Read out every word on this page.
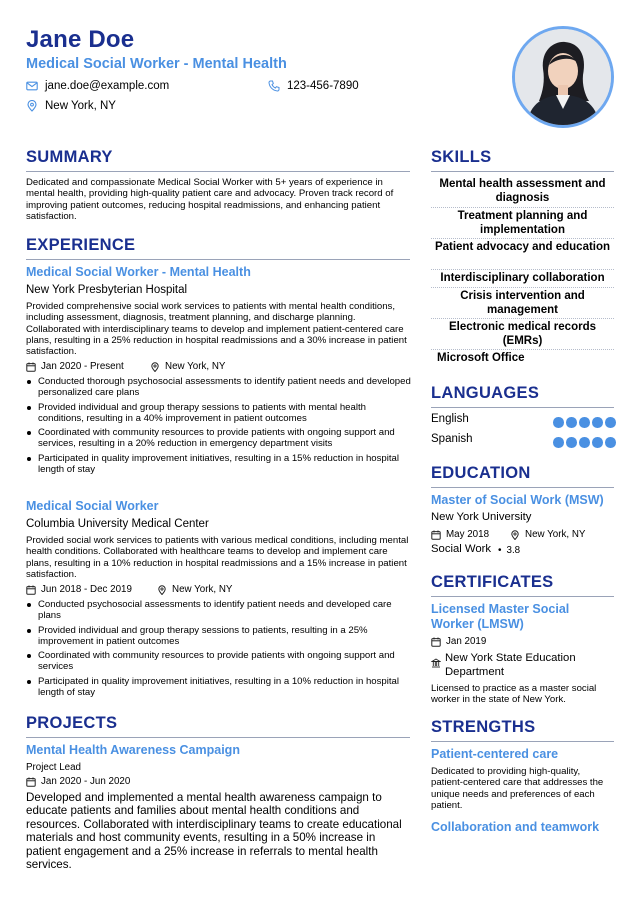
Jane Doe
Medical Social Worker - Mental Health
jane.doe@example.com	123-456-7890
New York, NY
SUMMARY
Dedicated and compassionate Medical Social Worker with 5+ years of experience in mental health, providing high-quality patient care and advocacy. Proven track record of improving patient outcomes, reducing hospital readmissions, and enhancing patient satisfaction.
EXPERIENCE
Medical Social Worker - Mental Health
New York Presbyterian Hospital
Provided comprehensive social work services to patients with mental health conditions, including assessment, diagnosis, treatment planning, and discharge planning. Collaborated with interdisciplinary teams to develop and implement patient-centered care plans, resulting in a 25% reduction in hospital readmissions and a 30% increase in patient satisfaction.
Jan 2020 - Present	New York, NY
Conducted thorough psychosocial assessments to identify patient needs and developed personalized care plans
Provided individual and group therapy sessions to patients with mental health conditions, resulting in a 40% improvement in patient outcomes
Coordinated with community resources to provide patients with ongoing support and services, resulting in a 20% reduction in emergency department visits
Participated in quality improvement initiatives, resulting in a 15% reduction in hospital length of stay
Medical Social Worker
Columbia University Medical Center
Provided social work services to patients with various medical conditions, including mental health conditions. Collaborated with healthcare teams to develop and implement care plans, resulting in a 10% reduction in hospital readmissions and a 15% increase in patient satisfaction.
Jun 2018 - Dec 2019	New York, NY
Conducted psychosocial assessments to identify patient needs and developed care plans
Provided individual and group therapy sessions to patients, resulting in a 25% improvement in patient outcomes
Coordinated with community resources to provide patients with ongoing support and services
Participated in quality improvement initiatives, resulting in a 10% reduction in hospital length of stay
PROJECTS
Mental Health Awareness Campaign
Project Lead
Jan 2020 - Jun 2020
Developed and implemented a mental health awareness campaign to educate patients and families about mental health conditions and resources. Collaborated with interdisciplinary teams to create educational materials and host community events, resulting in a 50% increase in patient engagement and a 25% increase in referrals to mental health services.
SKILLS
Mental health assessment and diagnosis
Treatment planning and implementation
Patient advocacy and education
Interdisciplinary collaboration
Crisis intervention and management
Electronic medical records (EMRs)
Microsoft Office
LANGUAGES
English
Spanish
EDUCATION
Master of Social Work (MSW)
New York University
May 2018	New York, NY
Social Work • 3.8
CERTIFICATES
Licensed Master Social Worker (LMSW)
Jan 2019
New York State Education Department
Licensed to practice as a master social worker in the state of New York.
STRENGTHS
Patient-centered care
Dedicated to providing high-quality, patient-centered care that addresses the unique needs and preferences of each patient.
Collaboration and teamwork
